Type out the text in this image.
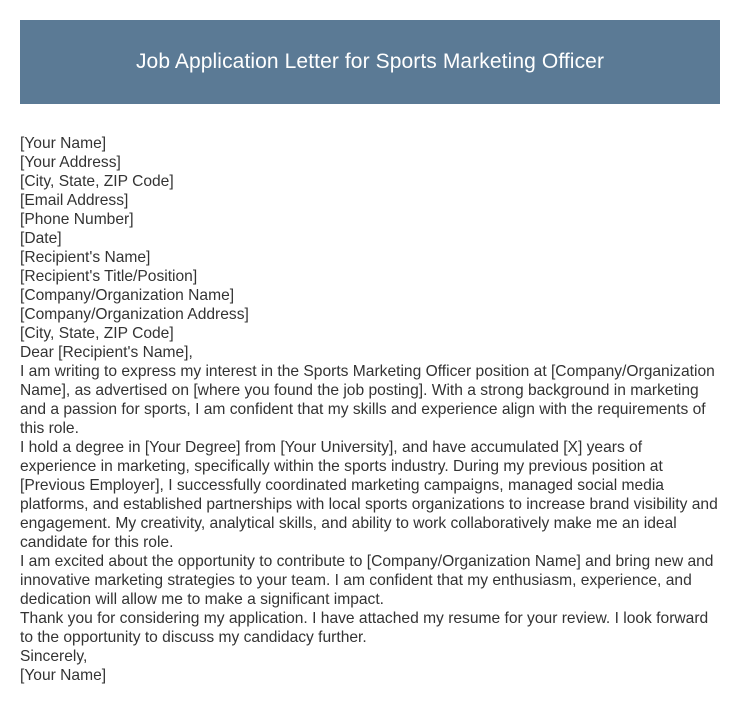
Job Application Letter for Sports Marketing Officer
[Your Name]
[Your Address]
[City, State, ZIP Code]
[Email Address]
[Phone Number]
[Date]
[Recipient's Name]
[Recipient's Title/Position]
[Company/Organization Name]
[Company/Organization Address]
[City, State, ZIP Code]
Dear [Recipient's Name],
I am writing to express my interest in the Sports Marketing Officer position at [Company/Organization Name], as advertised on [where you found the job posting]. With a strong background in marketing and a passion for sports, I am confident that my skills and experience align with the requirements of this role.
I hold a degree in [Your Degree] from [Your University], and have accumulated [X] years of experience in marketing, specifically within the sports industry. During my previous position at [Previous Employer], I successfully coordinated marketing campaigns, managed social media platforms, and established partnerships with local sports organizations to increase brand visibility and engagement. My creativity, analytical skills, and ability to work collaboratively make me an ideal candidate for this role.
I am excited about the opportunity to contribute to [Company/Organization Name] and bring new and innovative marketing strategies to your team. I am confident that my enthusiasm, experience, and dedication will allow me to make a significant impact.
Thank you for considering my application. I have attached my resume for your review. I look forward to the opportunity to discuss my candidacy further.
Sincerely,
[Your Name]
